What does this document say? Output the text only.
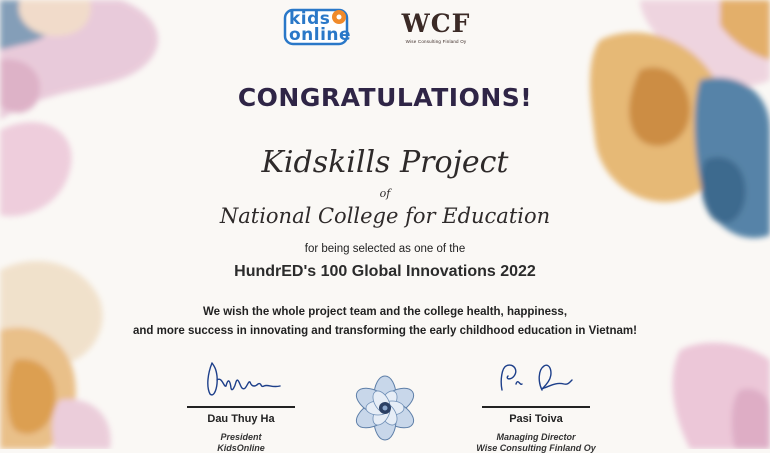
kids
online	WCF
Wise Consulting Finland Oy
CONGRATULATIONS!
Kidskills Project
of
National College for Education
for being selected as one of the
HundrED's 100 Global Innovations 2022
We wish the whole project team and the college health, happiness,
and more success in innovating and transforming the early childhood education in Vietnam!
Dau Thuy Ha
President
KidsOnline
Pasi Toiva
Managing Director
Wise Consulting Finland Oy
